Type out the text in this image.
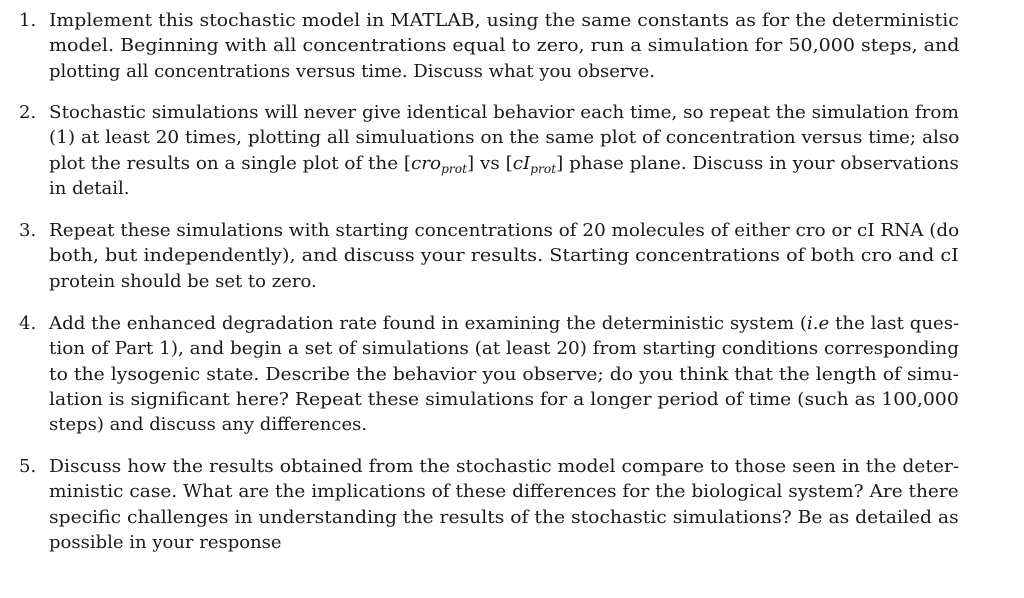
1. Implement this stochastic model in MATLAB, using the same constants as for the deterministic
model. Beginning with all concentrations equal to zero, run a simulation for 50,000 steps, and
plotting all concentrations versus time. Discuss what you observe.
2. Stochastic simulations will never give identical behavior each time, so repeat the simulation from
(1) at least 20 times, plotting all simuluations on the same plot of concentration versus time; also
plot the results on a single plot of the [cro$_{prot}$] vs $[cI_{prot}]$ phase plane. Discuss in your observations
in detail.
3. Repeat these simulations with starting concentrations of 20 molecules of either cro or cI RNA (do
both, but independently), and discuss your results. Starting concentrations of both cro and cI
protein should be set to zero.
4. Add the enhanced degradation rate found in examining the deterministic system (i.e the last ques-
tion of Part 1), and begin a set of simulations (at least 20) from starting conditions corresponding
to the lysogenic state. Describe the behavior you observe; do you think that the length of simu-
lation is significant here? Repeat these simulations for a longer period of time (such as 100,000
steps) and discuss any differences.
5. Discuss how the results obtained from the stochastic model compare to those seen in the deter-
ministic case. What are the implications of these differences for the biological system? Are there
specific challenges in understanding the results of the stochastic simulations? Be as detailed as
possible in your response
